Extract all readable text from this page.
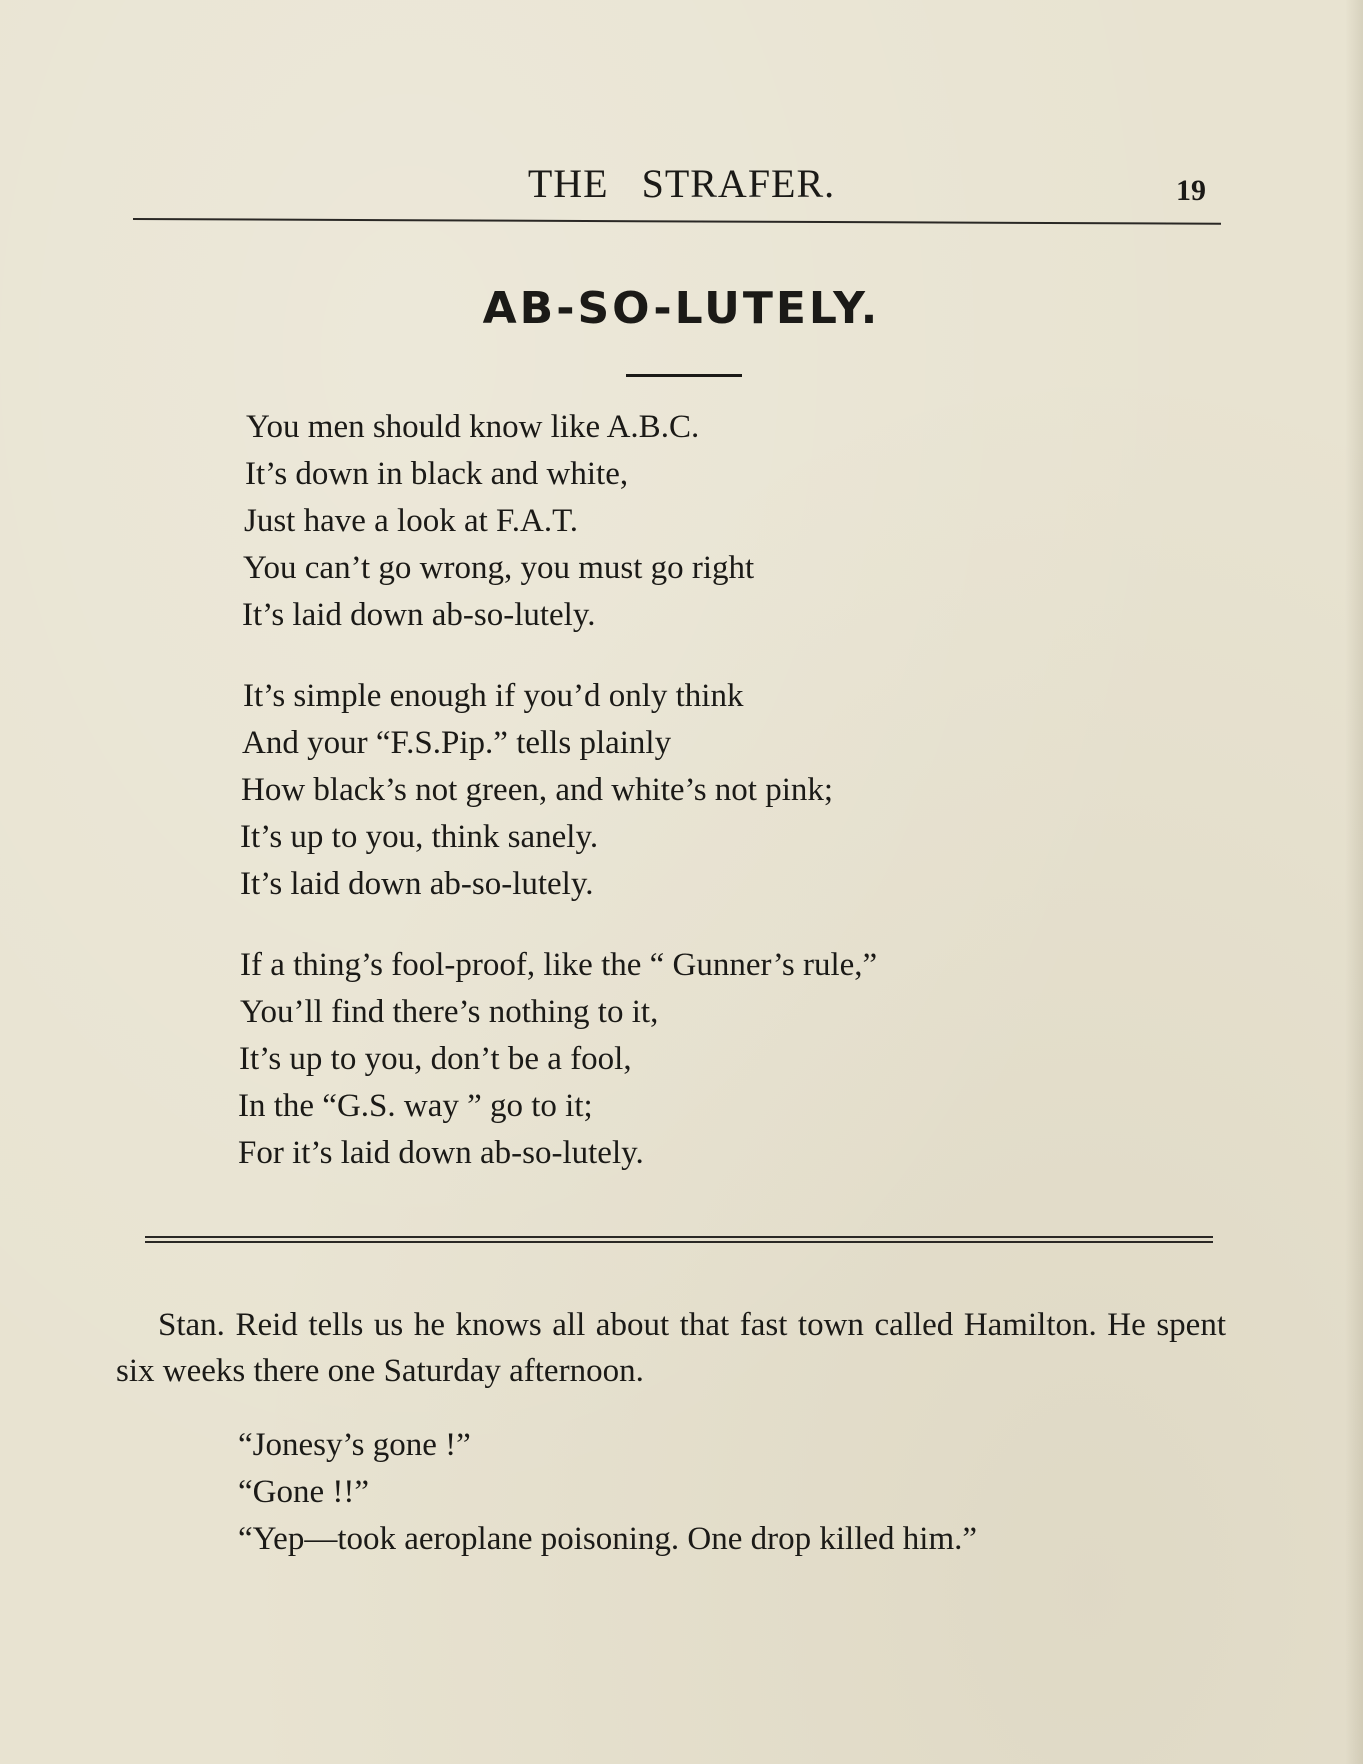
THE STRAFER.	19
AB-SO-LUTELY.
You men should know like A.B.C.
It’s down in black and white,
Just have a look at F.A.T.
You can’t go wrong, you must go right
It’s laid down ab-so-lutely.
It’s simple enough if you’d only think
And your “F.S.Pip.” tells plainly
How black’s not green, and white’s not pink;
It’s up to you, think sanely.
It’s laid down ab-so-lutely.
If a thing’s fool-proof, like the “ Gunner’s rule,”
You’ll find there’s nothing to it,
It’s up to you, don’t be a fool,
In the “G.S. way ” go to it;
For it’s laid down ab-so-lutely.

Stan. Reid tells us he knows all about that fast town called Hamilton. He spent six weeks there one Saturday afternoon.

“Jonesy’s gone !”
“Gone !!”
“Yep—took aeroplane poisoning. One drop killed him.”
